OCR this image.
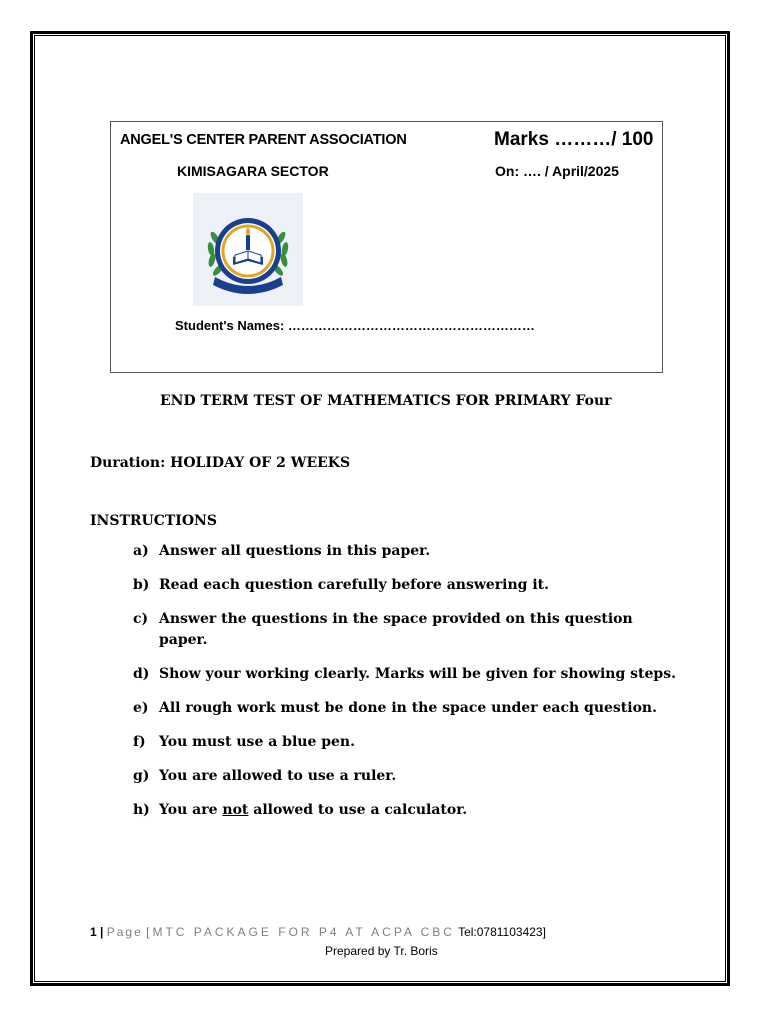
ANGEL'S CENTER PARENT ASSOCIATION
KIMISAGARA SECTOR
Marks ………/ 100
On: …. / April/2025
Student's Names: …………………………………………………
END TERM TEST OF MATHEMATICS FOR PRIMARY Four
Duration: HOLIDAY OF 2 WEEKS
INSTRUCTIONS
a) Answer all questions in this paper.
b) Read each question carefully before answering it.
c) Answer the questions in the space provided on this question paper.
d) Show your working clearly. Marks will be given for showing steps.
e) All rough work must be done in the space under each question.
f) You must use a blue pen.
g) You are allowed to use a ruler.
h) You are not allowed to use a calculator.
1 | Page [MTC PACKAGE FOR P4 AT ACPA CBC Tel:0781103423]
Prepared by Tr. Boris
